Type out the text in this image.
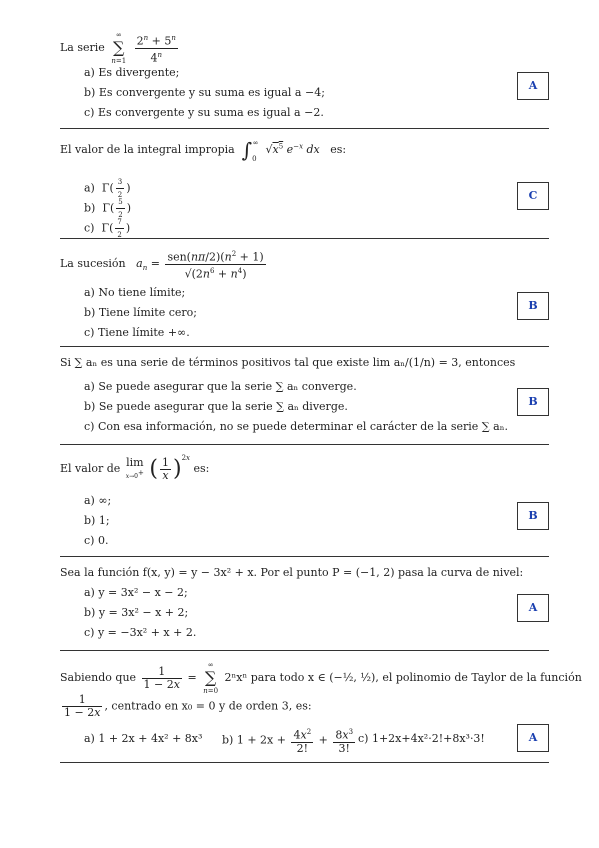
La serie
∞
∑
n=1
$\frac{2^n + 5^n}{4^n}$
a) Es divergente;
b) Es convergente y su suma es igual a −4;
c) Es convergente y su suma es igual a −2.
A
El valor de la integral impropia $\int_0^\infty$  $√x^5$ $e^{-x}$ dx es:
a)  $\Gamma( \frac{3}{2}$ )
b)  $\Gamma( \frac{5}{2}$ )
c)  $\Gamma( \frac{7}{2}$ )
C
La sucesión $a_n = \frac{sen(n\pi/2)(n^2 + 1)}{√(2n^6 + n^4)}$
a) No tiene límite;
b) Tiene límite cero;
c) Tiene límite +∞.
B
Si ∑ aₙ es una serie de términos positivos tal que existe lim aₙ/(1/n) = 3, entonces
a) Se puede asegurar que la serie ∑ aₙ converge.
b) Se puede asegurar que la serie ∑ aₙ diverge.
c) Con esa información, no se puede determinar el carácter de la serie ∑ aₙ.
B
El valor de lim
x→0+ ( $\frac{1}{x} )^{2x}$ es:
a) ∞;
b) 1;
c) 0.
B
Sea la función f(x, y) = y − 3x² + x. Por el punto P = (−1, 2) pasa la curva de nivel:
a) y = 3x² − x − 2;
b) y = 3x² − x + 2;
c) y = −3x² + x + 2.
A
Sabiendo que $\frac{1}{1 - 2x}$ =
∞
∑
n=0
2ⁿxⁿ para todo x ∈ (−½, ½), el polinomio de Taylor de la función
$\frac{1}{1 - 2x}$ , centrado en x₀ = 0 y de orden 3, es:
a) 1 + 2x + 4x² + 8x³ b) $1 + 2x + \frac{4x^2}{2!} + \frac{8x^3}{3!} c$) 1+2x+4x²·2!+8x³·3!	A
